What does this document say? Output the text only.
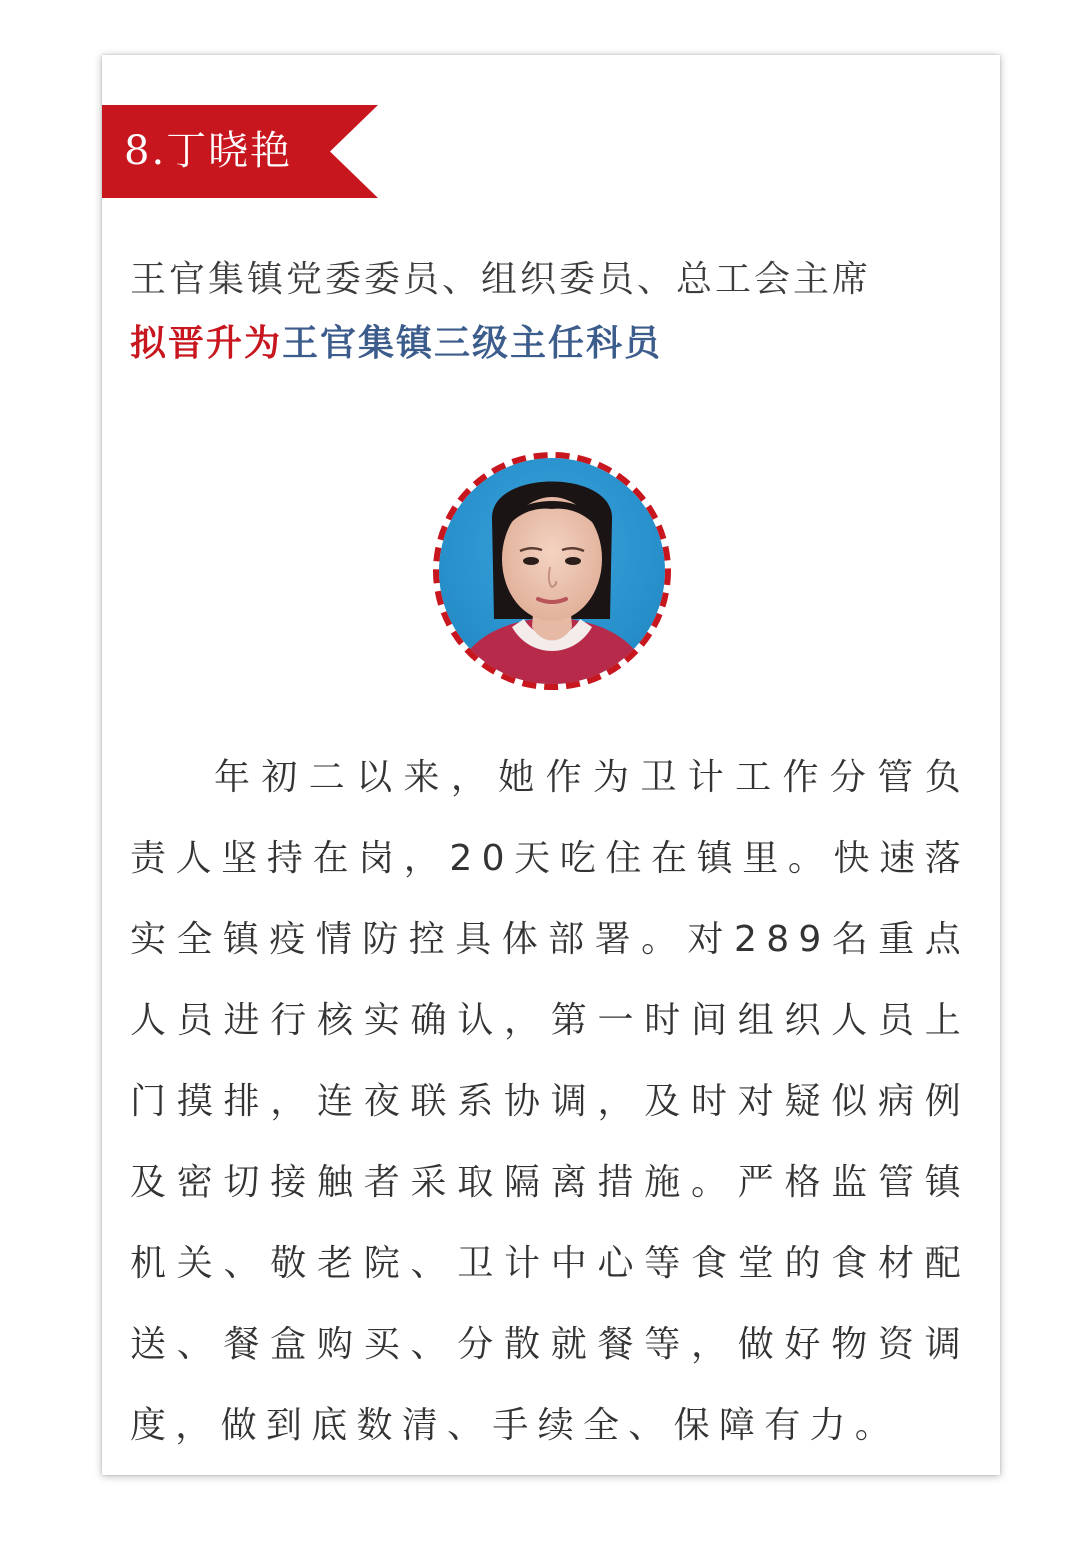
8.丁晓艳
王官集镇党委委员、组织委员、总工会主席
拟晋升为王官集镇三级主任科员

年初二以来，她作为卫计工作分管负责人坚持在岗，20天吃住在镇里。快速落实全镇疫情防控具体部署。对289名重点人员进行核实确认，第一时间组织人员上门摸排，连夜联系协调，及时对疑似病例及密切接触者采取隔离措施。严格监管镇机关、敬老院、卫计中心等食堂的食材配送、餐盒购买、分散就餐等，做好物资调度，做到底数清、手续全、保障有力。
